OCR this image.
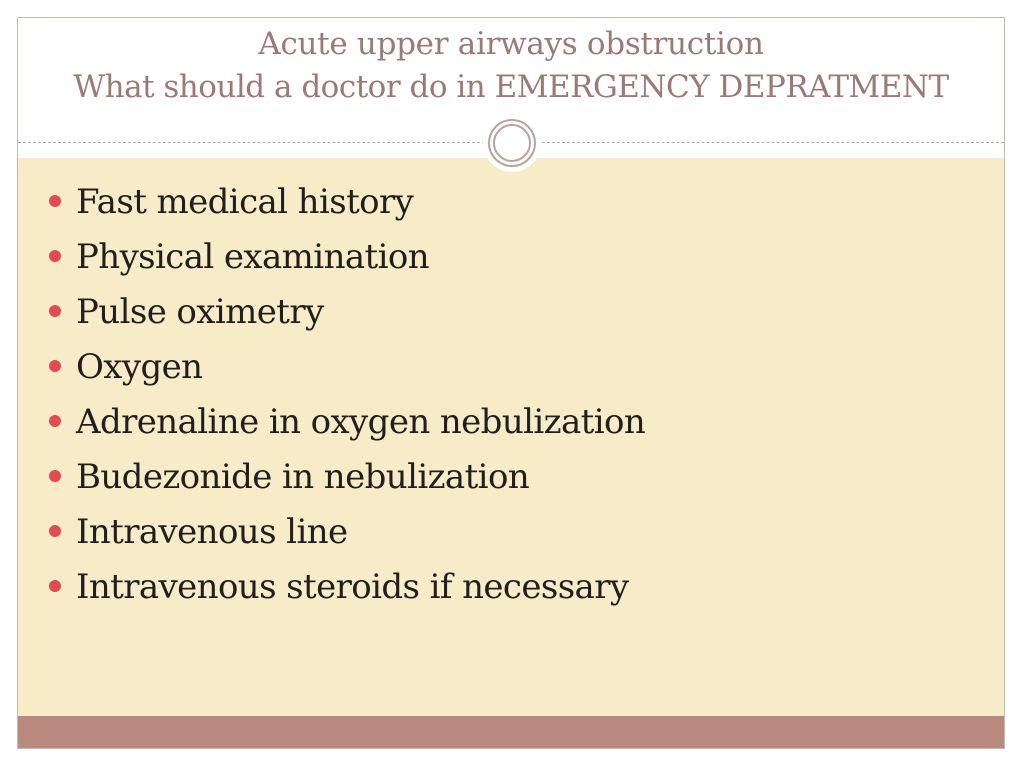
Acute upper airways obstruction
What should a doctor do in EMERGENCY DEPRATMENT
Fast medical history
Physical examination
Pulse oximetry
Oxygen
Adrenaline in oxygen nebulization
Budezonide in nebulization
Intravenous line
Intravenous steroids if necessary
